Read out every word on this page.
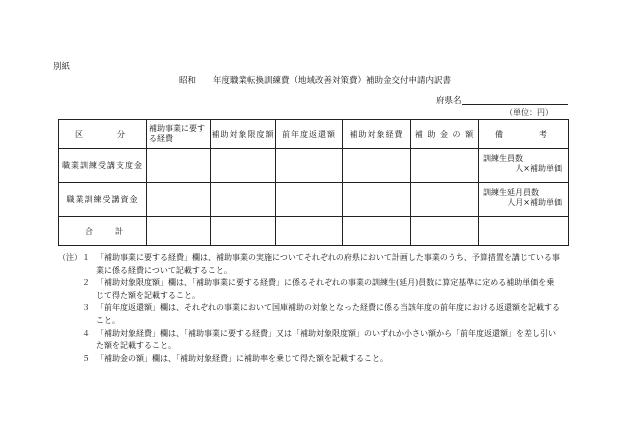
別紙
昭和　　年度職業転換訓練費（地域改善対策費）補助金交付申請内訳書
府県名
（単位：円）
区 分	補助事業に要する経費	補助対象限度額	前年度返還額	補助対象経費	補 助 金 の 額	備 考

職業訓練受講支度金						訓練生員数
人×補助単価

職業訓練受講資金						訓練生延月員数
人月×補助単価

合 計						

（注） １ 「補助事業に要する経費」欄は、補助事業の実施についてそれぞれの府県において計画した事業のうち、予算措置を講じている事
業に係る経費について記載すること。
２ 「補助対象限度額」欄は、「補助事業に要する経費」に係るそれぞれの事業の訓練生(延月)員数に算定基準に定める補助単価を乗
じて得た額を記載すること。
３ 「前年度返還額」欄は、それぞれの事業において国庫補助の対象となった経費に係る当該年度の前年度における返還額を記載する
こと。
４ 「補助対象経費」欄は、「補助事業に要する経費」又は「補助対象限度額」のいずれか小さい額から「前年度返還額」を差し引い
た額を記載すること。
５ 「補助金の額」欄は、「補助対象経費」に補助率を乗じて得た額を記載すること。
